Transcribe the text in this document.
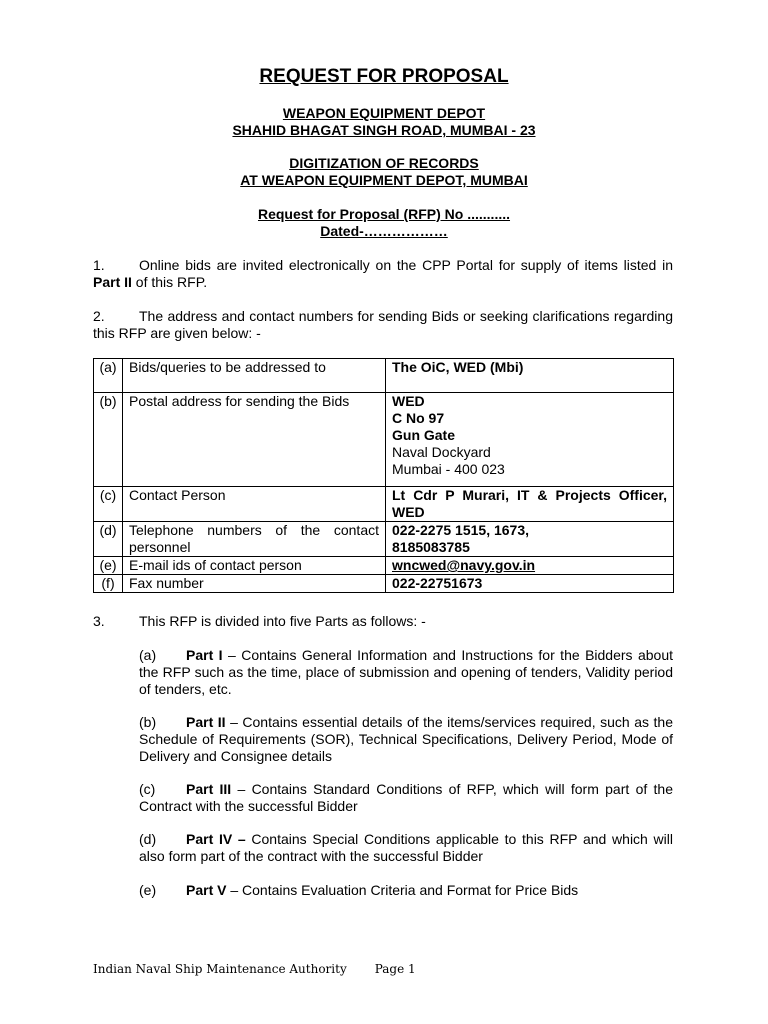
REQUEST FOR PROPOSAL
WEAPON EQUIPMENT DEPOT
SHAHID BHAGAT SINGH ROAD, MUMBAI - 23
DIGITIZATION OF RECORDS
AT WEAPON EQUIPMENT DEPOT, MUMBAI
Request for Proposal (RFP) No ...........
Dated-………………
1. Online bids are invited electronically on the CPP Portal for supply of items listed in Part II of this RFP.
2. The address and contact numbers for sending Bids or seeking clarifications regarding this RFP are given below: -
(a)	Bids/queries to be addressed to	The OiC, WED (Mbi)
(b)	Postal address for sending the Bids	WED
C No 97
Gun Gate
Naval Dockyard
Mumbai - 400 023

(c)	Contact Person	Lt Cdr P Murari, IT & Projects Officer, WED
(d)	Telephone numbers of the contact personnel	022-2275 1515, 1673,
8185083785

(e)	E-mail ids of contact person	wncwed@navy.gov.in
(f)	Fax number	022-22751673
3. This RFP is divided into five Parts as follows: -
(a) Part I – Contains General Information and Instructions for the Bidders about the RFP such as the time, place of submission and opening of tenders, Validity period of tenders, etc.
(b) Part II – Contains essential details of the items/services required, such as the Schedule of Requirements (SOR), Technical Specifications, Delivery Period, Mode of Delivery and Consignee details
(c) Part III – Contains Standard Conditions of RFP, which will form part of the Contract with the successful Bidder
(d) Part IV – Contains Special Conditions applicable to this RFP and which will also form part of the contract with the successful Bidder
(e) Part V – Contains Evaluation Criteria and Format for Price Bids
Indian Naval Ship Maintenance Authority Page 1
